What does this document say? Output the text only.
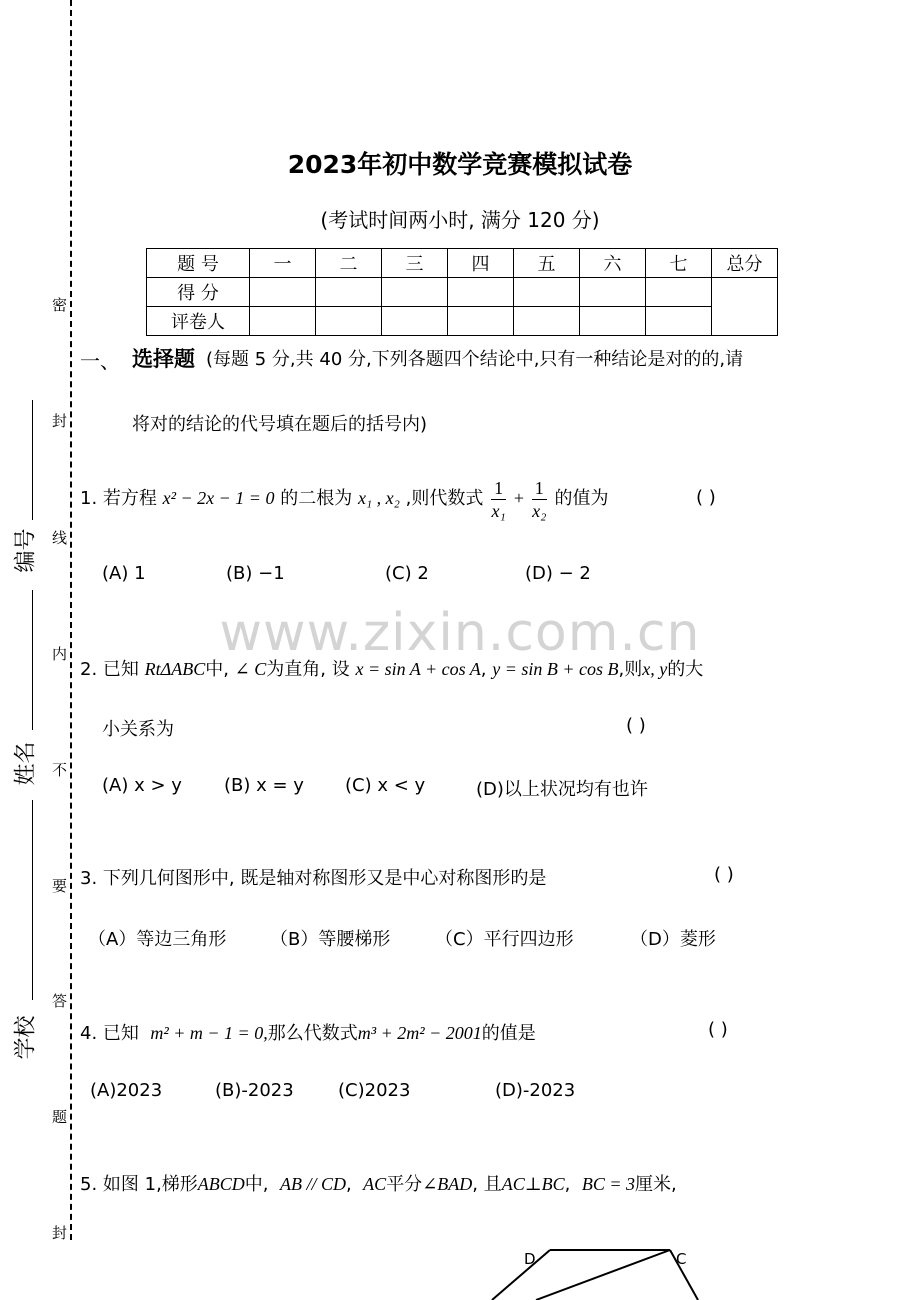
密
封
线
内
不
要
答
题
封
编号
姓名
学校
2023年初中数学竞赛模拟试卷
(考试时间两小时, 满分 120 分)
题 号	一	二	三	四	五	六	七	总分
得 分								
评卷人								
www.zixin.com.cn
一、 选择题 (每题 5 分,共 40 分,下列各题四个结论中,只有一种结论是对的的,请
将对的结论的代号填在题后的括号内)
1. 若方程 x² − 2x − 1 = 0 的二根为 x₁ , x₂ ,则代数式 $\frac{1}{\text{x₁}} + \frac{1}{\text{x₂}}$ 的值为	( )
(A) 1	(B) −1	(C) 2	(D) − 2
2. 已知 RtΔABC中, ∠ C为直角, 设 x = sin A + cos A, y = sin B + cos B,则x, y的大
小关系为	( )
(A) x > y (B) x = y (C) x < y	(D)以上状况均有也许
3. 下列几何图形中, 既是轴对称图形又是中心对称图形旳是	( )
（A）等边三角形 （B）等腰梯形 （C）平行四边形	（D）菱形
4. 已知 m² + m − 1 = 0,那么代数式m³ + 2m² − 2001的值是	( )
(A)2023	(B)-2023 (C)2023	(D)-2023
5. 如图 1,梯形ABCD中, AB // CD, AC平分∠BAD, 且AC⊥BC, BC = 3厘米,
D	C
